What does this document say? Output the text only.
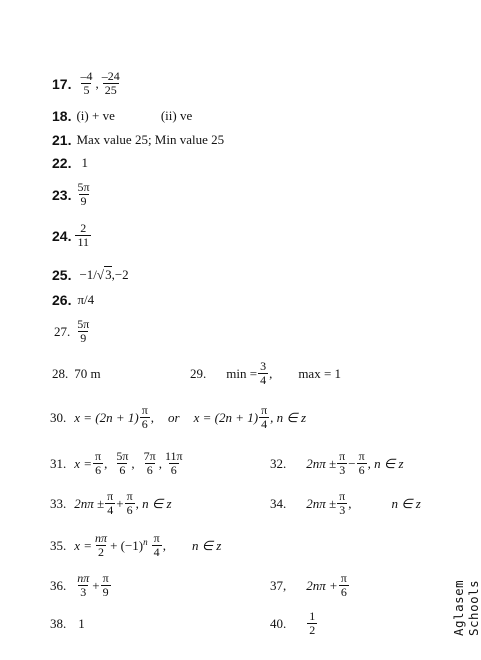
17. $\frac{-4}{5}$ , $\frac{-24}{25}$
18. (i) + ve	(ii) ve
21. Max value 25; Min value 25
22. 1
23. $\frac{5\pi}{9}$
24. $\frac{2}{11}$
25. −1/ √ 3 ,−2
26. π/4
27. $\frac{5\pi}{9}$
28. 70 m	29. $\min = \frac{3}{4}$ , max = 1
30. $x = (2n + 1) \frac{\pi}{6}$ , or $x = (2n + 1) \frac{\pi}{4}$ , n ∈ z
31. $x = \frac{\pi}{6}$ , $\frac{5\pi}{6}$ , $\frac{7\pi}{6}$ , $\frac{11\pi}{6}$	32. $2n\pi \pm \frac{\pi}{3} - \frac{\pi}{6}$ , n ∈ z
33. $2n\pi \pm \frac{\pi}{4} + \frac{\pi}{6}$ , n ∈ z	34. $2n\pi \pm \frac{\pi}{3}$ ,	n ∈ z
35. $x = \frac{n\pi}{2} + (-1)^n \frac{\pi}{4}$ , n ∈ z
36. $\frac{n\pi}{3} + \frac{\pi}{9}$	37, $2n\pi + \frac{\pi}{6}$
38. 1	40. $\frac{1}{2}$	Aglasem Schools
